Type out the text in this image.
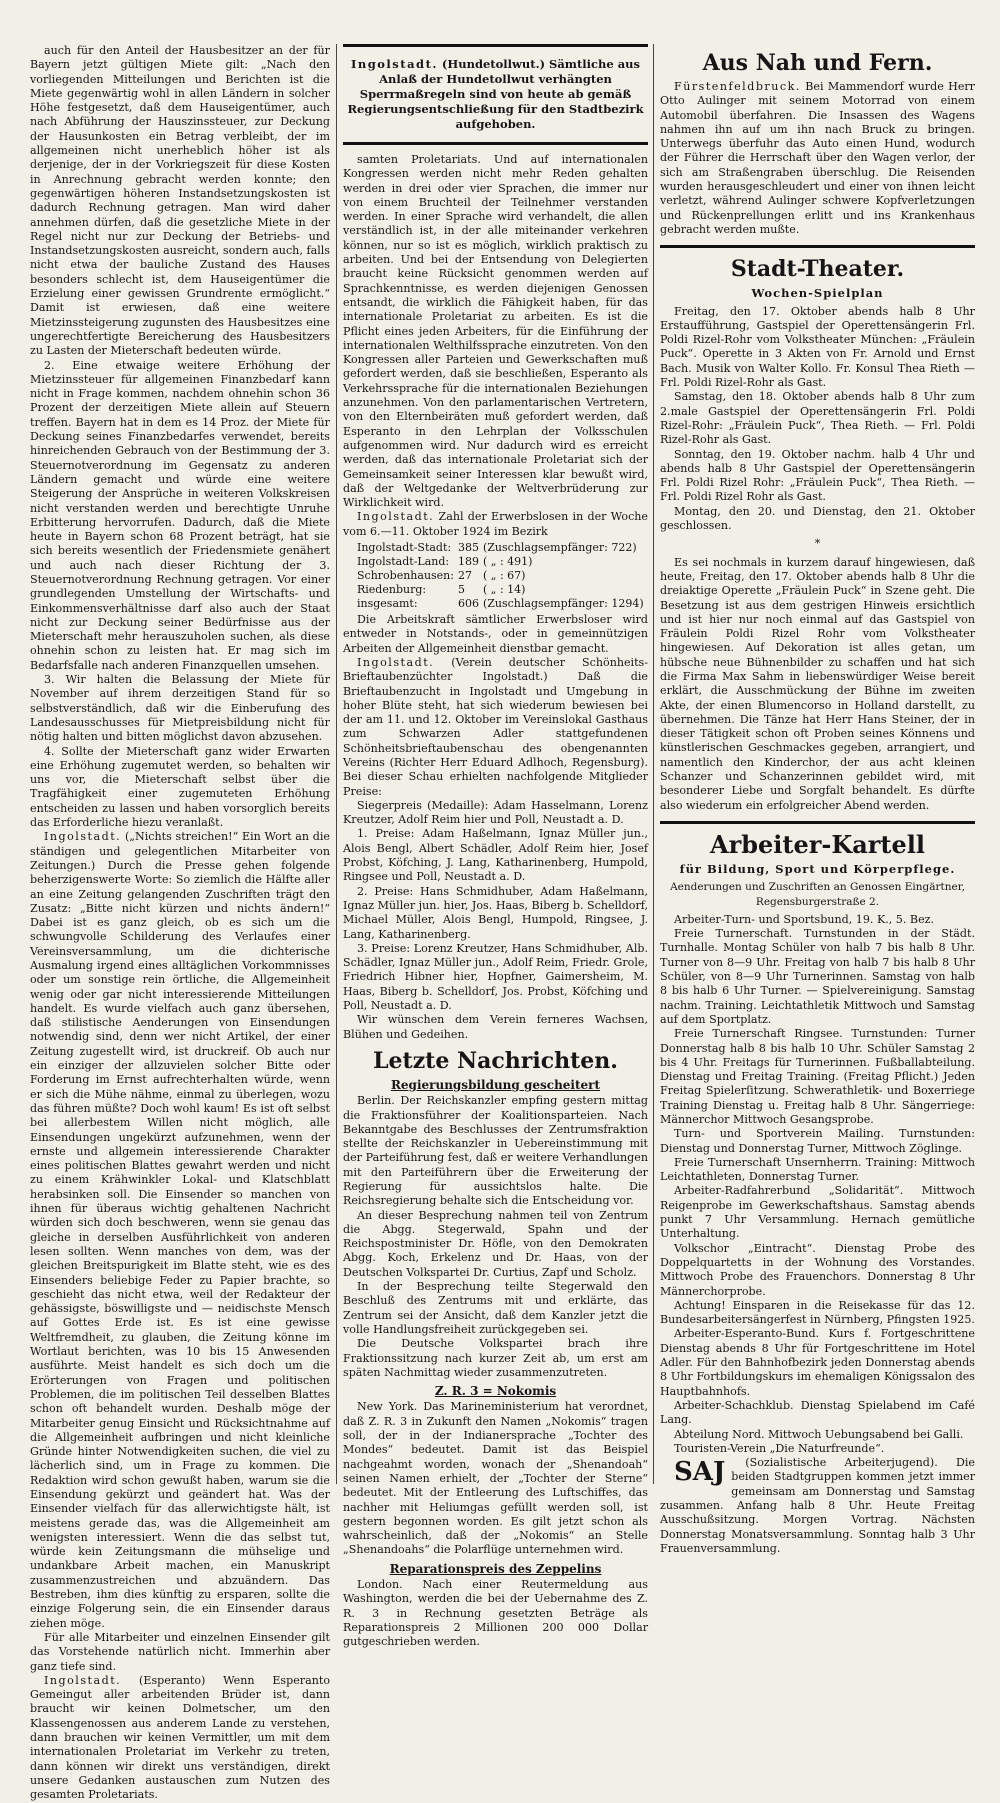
auch für den Anteil der Hausbesitzer an der für Bayern jetzt gültigen Miete gilt: „Nach den vorliegenden Mitteilungen und Berichten ist die Miete gegenwärtig wohl in allen Ländern in solcher Höhe festgesetzt, daß dem Hauseigentümer, auch nach Abführung der Hauszinssteuer, zur Deckung der Hausunkosten ein Betrag verbleibt, der im allgemeinen nicht unerheblich höher ist als derjenige, der in der Vorkriegszeit für diese Kosten in Anrechnung gebracht werden konnte; den gegenwärtigen höheren Instandsetzungskosten ist dadurch Rechnung getragen. Man wird daher annehmen dürfen, daß die gesetzliche Miete in der Regel nicht nur zur Deckung der Betriebs- und Instandsetzungskosten ausreicht, sondern auch, falls nicht etwa der bauliche Zustand des Hauses besonders schlecht ist, dem Hauseigentümer die Erzielung einer gewissen Grundrente ermöglicht.“ Damit ist erwiesen, daß eine weitere Mietzinssteigerung zugunsten des Hausbesitzes eine ungerechtfertigte Bereicherung des Hausbesitzers zu Lasten der Mieterschaft bedeuten würde.

2. Eine etwaige weitere Erhöhung der Mietzinssteuer für allgemeinen Finanzbedarf kann nicht in Frage kommen, nachdem ohnehin schon 36 Prozent der derzeitigen Miete allein auf Steuern treffen. Bayern hat in dem es 14 Proz. der Miete für Deckung seines Finanzbedarfes verwendet, bereits hinreichenden Gebrauch von der Bestimmung der 3. Steuernotverordnung im Gegensatz zu anderen Ländern gemacht und würde eine weitere Steigerung der Ansprüche in weiteren Volkskreisen nicht verstanden werden und berechtigte Unruhe Erbitterung hervorrufen. Dadurch, daß die Miete heute in Bayern schon 68 Prozent beträgt, hat sie sich bereits wesentlich der Friedensmiete genähert und auch nach dieser Richtung der 3. Steuernotverordnung Rechnung getragen. Vor einer grundlegenden Umstellung der Wirtschafts- und Einkommensverhältnisse darf also auch der Staat nicht zur Deckung seiner Bedürfnisse aus der Mieterschaft mehr herauszuholen suchen, als diese ohnehin schon zu leisten hat. Er mag sich im Bedarfsfalle nach anderen Finanzquellen umsehen.

3. Wir halten die Belassung der Miete für November auf ihrem derzeitigen Stand für so selbstverständlich, daß wir die Einberufung des Landesausschusses für Mietpreisbildung nicht für nötig halten und bitten möglichst davon abzusehen.

4. Sollte der Mieterschaft ganz wider Erwarten eine Erhöhung zugemutet werden, so behalten wir uns vor, die Mieterschaft selbst über die Tragfähigkeit einer zugemuteten Erhöhung entscheiden zu lassen und haben vorsorglich bereits das Erforderliche hiezu veranlaßt.

Ingolstadt. („Nichts streichen!“ Ein Wort an die ständigen und gelegentlichen Mitarbeiter von Zeitungen.) Durch die Presse gehen folgende beherzigenswerte Worte: So ziemlich die Hälfte aller an eine Zeitung gelangenden Zuschriften trägt den Zusatz: „Bitte nicht kürzen und nichts ändern!“ Dabei ist es ganz gleich, ob es sich um die schwungvolle Schilderung des Verlaufes einer Vereinsversammlung, um die dichterische Ausmalung irgend eines alltäglichen Vorkommnisses oder um sonstige rein örtliche, die Allgemeinheit wenig oder gar nicht interessierende Mitteilungen handelt. Es wurde vielfach auch ganz übersehen, daß stilistische Aenderungen von Einsendungen notwendig sind, denn wer nicht Artikel, der einer Zeitung zugestellt wird, ist druckreif. Ob auch nur ein einziger der allzuvielen solcher Bitte oder Forderung im Ernst aufrechterhalten würde, wenn er sich die Mühe nähme, einmal zu überlegen, wozu das führen müßte? Doch wohl kaum! Es ist oft selbst bei allerbestem Willen nicht möglich, alle Einsendungen ungekürzt aufzunehmen, wenn der ernste und allgemein interessierende Charakter eines politischen Blattes gewahrt werden und nicht zu einem Krähwinkler Lokal- und Klatschblatt herabsinken soll. Die Einsender so manchen von ihnen für überaus wichtig gehaltenen Nachricht würden sich doch beschweren, wenn sie genau das gleiche in derselben Ausführlichkeit von anderen lesen sollten. Wenn manches von dem, was der gleichen Breitspurigkeit im Blatte steht, wie es des Einsenders beliebige Feder zu Papier brachte, so geschieht das nicht etwa, weil der Redakteur der gehässigste, böswilligste und — neidischste Mensch auf Gottes Erde ist. Es ist eine gewisse Weltfremdheit, zu glauben, die Zeitung könne im Wortlaut berichten, was 10 bis 15 Anwesenden ausführte. Meist handelt es sich doch um die Erörterungen von Fragen und politischen Problemen, die im politischen Teil desselben Blattes schon oft behandelt wurden. Deshalb möge der Mitarbeiter genug Einsicht und Rücksichtnahme auf die Allgemeinheit aufbringen und nicht kleinliche Gründe hinter Notwendigkeiten suchen, die viel zu lächerlich sind, um in Frage zu kommen. Die Redaktion wird schon gewußt haben, warum sie die Einsendung gekürzt und geändert hat. Was der Einsender vielfach für das allerwichtigste hält, ist meistens gerade das, was die Allgemeinheit am wenigsten interessiert. Wenn die das selbst tut, würde kein Zeitungsmann die mühselige und undankbare Arbeit machen, ein Manuskript zusammenzustreichen und abzuändern. Das Bestreben, ihm dies künftig zu ersparen, sollte die einzige Folgerung sein, die ein Einsender daraus ziehen möge.

Für alle Mitarbeiter und einzelnen Einsender gilt das Vorstehende natürlich nicht. Immerhin aber ganz tiefe sind.

Ingolstadt. (Esperanto) Wenn Esperanto Gemeingut aller arbeitenden Brüder ist, dann braucht wir keinen Dolmetscher, um den Klassengenossen aus anderem Lande zu verstehen, dann brauchen wir keinen Vermittler, um mit dem internationalen Proletariat im Verkehr zu treten, dann können wir direkt uns verständigen, direkt unsere Gedanken austauschen zum Nutzen des gesamten Proletariats.

Ingolstadt. (Hundetollwut.) Sämtliche aus Anlaß der Hundetollwut verhängten Sperrmaßregeln sind von heute ab gemäß Regierungsentschließung für den Stadtbezirk aufgehoben.

samten Proletariats. Und auf internationalen Kongressen werden nicht mehr Reden gehalten werden in drei oder vier Sprachen, die immer nur von einem Bruchteil der Teilnehmer verstanden werden. In einer Sprache wird verhandelt, die allen verständlich ist, in der alle miteinander verkehren können, nur so ist es möglich, wirklich praktisch zu arbeiten. Und bei der Entsendung von Delegierten braucht keine Rücksicht genommen werden auf Sprachkenntnisse, es werden diejenigen Genossen entsandt, die wirklich die Fähigkeit haben, für das internationale Proletariat zu arbeiten. Es ist die Pflicht eines jeden Arbeiters, für die Einführung der internationalen Welthilfssprache einzutreten. Von den Kongressen aller Parteien und Gewerkschaften muß gefordert werden, daß sie beschließen, Esperanto als Verkehrssprache für die internationalen Beziehungen anzunehmen. Von den parlamentarischen Vertretern, von den Elternbeiräten muß gefordert werden, daß Esperanto in den Lehrplan der Volksschulen aufgenommen wird. Nur dadurch wird es erreicht werden, daß das internationale Proletariat sich der Gemeinsamkeit seiner Interessen klar bewußt wird, daß der Weltgedanke der Weltverbrüderung zur Wirklichkeit wird.

Ingolstadt. Zahl der Erwerbslosen in der Woche vom 6.—11. Oktober 1924 im Bezirk

Ingolstadt-Stadt:	385	(Zuschlagsempfänger: 722)
Ingolstadt-Land:	189	( „ : 491)
Schrobenhausen:	27	( „ : 67)
Riedenburg:	5	( „ : 14)
insgesamt:	606	(Zuschlagsempfänger: 1294)

Die Arbeitskraft sämtlicher Erwerbsloser wird entweder in Notstands-, oder in gemeinnützigen Arbeiten der Allgemeinheit dienstbar gemacht.

Ingolstadt. (Verein deutscher Schönheits-Brieftaubenzüchter Ingolstadt.) Daß die Brieftaubenzucht in Ingolstadt und Umgebung in hoher Blüte steht, hat sich wiederum bewiesen bei der am 11. und 12. Oktober im Vereinslokal Gasthaus zum Schwarzen Adler stattgefundenen Schönheitsbrieftaubenschau des obengenannten Vereins (Richter Herr Eduard Adlhoch, Regensburg). Bei dieser Schau erhielten nachfolgende Mitglieder Preise:

Siegerpreis (Medaille): Adam Hasselmann, Lorenz Kreutzer, Adolf Reim hier und Poll, Neustadt a. D.

1. Preise: Adam Haßelmann, Ignaz Müller jun., Alois Bengl, Albert Schädler, Adolf Reim hier, Josef Probst, Köfching, J. Lang, Katharinenberg, Humpold, Ringsee und Poll, Neustadt a. D.

2. Preise: Hans Schmidhuber, Adam Haßelmann, Ignaz Müller jun. hier, Jos. Haas, Biberg b. Schelldorf, Michael Müller, Alois Bengl, Humpold, Ringsee, J. Lang, Katharinenberg.

3. Preise: Lorenz Kreutzer, Hans Schmidhuber, Alb. Schädler, Ignaz Müller jun., Adolf Reim, Friedr. Grole, Friedrich Hibner hier, Hopfner, Gaimersheim, M. Haas, Biberg b. Schelldorf, Jos. Probst, Köfching und Poll, Neustadt a. D.

Wir wünschen dem Verein ferneres Wachsen, Blühen und Gedeihen.

Letzte Nachrichten.
Regierungsbildung gescheitert

Berlin. Der Reichskanzler empfing gestern mittag die Fraktionsführer der Koalitionsparteien. Nach Bekanntgabe des Beschlusses der Zentrumsfraktion stellte der Reichskanzler in Uebereinstimmung mit der Parteiführung fest, daß er weitere Verhandlungen mit den Parteiführern über die Erweiterung der Regierung für aussichtslos halte. Die Reichsregierung behalte sich die Entscheidung vor.

An dieser Besprechung nahmen teil von Zentrum die Abgg. Stegerwald, Spahn und der Reichspostminister Dr. Höfle, von den Demokraten Abgg. Koch, Erkelenz und Dr. Haas, von der Deutschen Volkspartei Dr. Curtius, Zapf und Scholz.

In der Besprechung teilte Stegerwald den Beschluß des Zentrums mit und erklärte, das Zentrum sei der Ansicht, daß dem Kanzler jetzt die volle Handlungsfreiheit zurückgegeben sei.

Die Deutsche Volkspartei brach ihre Fraktionssitzung nach kurzer Zeit ab, um erst am späten Nachmittag wieder zusammenzutreten.

Z. R. 3 = Nokomis

New York. Das Marineministerium hat verordnet, daß Z. R. 3 in Zukunft den Namen „Nokomis“ tragen soll, der in der Indianersprache „Tochter des Mondes“ bedeutet. Damit ist das Beispiel nachgeahmt worden, wonach der „Shenandoah“ seinen Namen erhielt, der „Tochter der Sterne“ bedeutet. Mit der Entleerung des Luftschiffes, das nachher mit Heliumgas gefüllt werden soll, ist gestern begonnen worden. Es gilt jetzt schon als wahrscheinlich, daß der „Nokomis“ an Stelle „Shenandoahs“ die Polarflüge unternehmen wird.

Reparationspreis des Zeppelins

London. Nach einer Reutermeldung aus Washington, werden die bei der Uebernahme des Z. R. 3 in Rechnung gesetzten Beträge als Reparationspreis 2 Millionen 200 000 Dollar gutgeschrieben werden.

Aus Nah und Fern.

Fürstenfeldbruck. Bei Mammendorf wurde Herr Otto Aulinger mit seinem Motorrad von einem Automobil überfahren. Die Insassen des Wagens nahmen ihn auf um ihn nach Bruck zu bringen. Unterwegs überfuhr das Auto einen Hund, wodurch der Führer die Herrschaft über den Wagen verlor, der sich am Straßengraben überschlug. Die Reisenden wurden herausgeschleudert und einer von ihnen leicht verletzt, während Aulinger schwere Kopfverletzungen und Rückenprellungen erlitt und ins Krankenhaus gebracht werden mußte.

Stadt-Theater.
Wochen-Spielplan

Freitag, den 17. Oktober abends halb 8 Uhr Erstaufführung, Gastspiel der Operettensängerin Frl. Poldi Rizel-Rohr vom Volkstheater München: „Fräulein Puck“. Operette in 3 Akten von Fr. Arnold und Ernst Bach. Musik von Walter Kollo. Fr. Konsul Thea Rieth — Frl. Poldi Rizel-Rohr als Gast.

Samstag, den 18. Oktober abends halb 8 Uhr zum 2.male Gastspiel der Operettensängerin Frl. Poldi Rizel-Rohr: „Fräulein Puck“, Thea Rieth. — Frl. Poldi Rizel-Rohr als Gast.

Sonntag, den 19. Oktober nachm. halb 4 Uhr und abends halb 8 Uhr Gastspiel der Operettensängerin Frl. Poldi Rizel Rohr: „Fräulein Puck“, Thea Rieth. — Frl. Poldi Rizel Rohr als Gast.

Montag, den 20. und Dienstag, den 21. Oktober geschlossen.

*

Es sei nochmals in kurzem darauf hingewiesen, daß heute, Freitag, den 17. Oktober abends halb 8 Uhr die dreiaktige Operette „Fräulein Puck“ in Szene geht. Die Besetzung ist aus dem gestrigen Hinweis ersichtlich und ist hier nur noch einmal auf das Gastspiel von Fräulein Poldi Rizel Rohr vom Volkstheater hingewiesen. Auf Dekoration ist alles getan, um hübsche neue Bühnenbilder zu schaffen und hat sich die Firma Max Sahm in liebenswürdiger Weise bereit erklärt, die Ausschmückung der Bühne im zweiten Akte, der einen Blumencorso in Holland darstellt, zu übernehmen. Die Tänze hat Herr Hans Steiner, der in dieser Tätigkeit schon oft Proben seines Könnens und künstlerischen Geschmackes gegeben, arrangiert, und namentlich den Kinderchor, der aus acht kleinen Schanzer und Schanzerinnen gebildet wird, mit besonderer Liebe und Sorgfalt behandelt. Es dürfte also wiederum ein erfolgreicher Abend werden.

Arbeiter-Kartell
für Bildung, Sport und Körperpflege.
Aenderungen und Zuschriften an Genossen Eingärtner, Regensburgerstraße 2.

Arbeiter-Turn- und Sportsbund, 19. K., 5. Bez.

Freie Turnerschaft. Turnstunden in der Städt. Turnhalle. Montag Schüler von halb 7 bis halb 8 Uhr. Turner von 8—9 Uhr. Freitag von halb 7 bis halb 8 Uhr Schüler, von 8—9 Uhr Turnerinnen. Samstag von halb 8 bis halb 6 Uhr Turner. — Spielvereinigung. Samstag nachm. Training. Leichtathletik Mittwoch und Samstag auf dem Sportplatz.

Freie Turnerschaft Ringsee. Turnstunden: Turner Donnerstag halb 8 bis halb 10 Uhr. Schüler Samstag 2 bis 4 Uhr. Freitags für Turnerinnen. Fußballabteilung. Dienstag und Freitag Training. (Freitag Pflicht.) Jeden Freitag Spielerſitzung. Schwerathletik- und Boxerriege Training Dienstag u. Freitag halb 8 Uhr. Sängerriege: Männerchor Mittwoch Gesangsprobe.

Turn- und Sportverein Mailing. Turnstunden: Dienstag und Donnerstag Turner, Mittwoch Zöglinge.

Freie Turnerschaft Unsernherrn. Training: Mittwoch Leichtathleten, Donnerstag Turner.

Arbeiter-Radfahrerbund „Solidarität“. Mittwoch Reigenprobe im Gewerkschaftshaus. Samstag abends punkt 7 Uhr Versammlung. Hernach gemütliche Unterhaltung.

Volkschor „Eintracht“. Dienstag Probe des Doppelquartetts in der Wohnung des Vorstandes. Mittwoch Probe des Frauenchors. Donnerstag 8 Uhr Männerchorprobe.

Achtung! Einsparen in die Reisekasse für das 12. Bundesarbeitersängerfest in Nürnberg, Pfingsten 1925.

Arbeiter-Esperanto-Bund. Kurs f. Fortgeschrittene Dienstag abends 8 Uhr für Fortgeschrittene im Hotel Adler. Für den Bahnhofbezirk jeden Donnerstag abends 8 Uhr Fortbildungskurs im ehemaligen Königssalon des Hauptbahnhofs.

Arbeiter-Schachklub. Dienstag Spielabend im Café Lang.

Abteilung Nord. Mittwoch Uebungsabend bei Galli.

Touristen-Verein „Die Naturfreunde“.

SAJ (Sozialistische Arbeiterjugend). Die beiden Stadtgruppen kommen jetzt immer gemeinsam am Donnerstag und Samstag zusammen. Anfang halb 8 Uhr. Heute Freitag Ausschußsitzung. Morgen Vortrag. Nächsten Donnerstag Monatsversammlung. Sonntag halb 3 Uhr Frauenversammlung.
